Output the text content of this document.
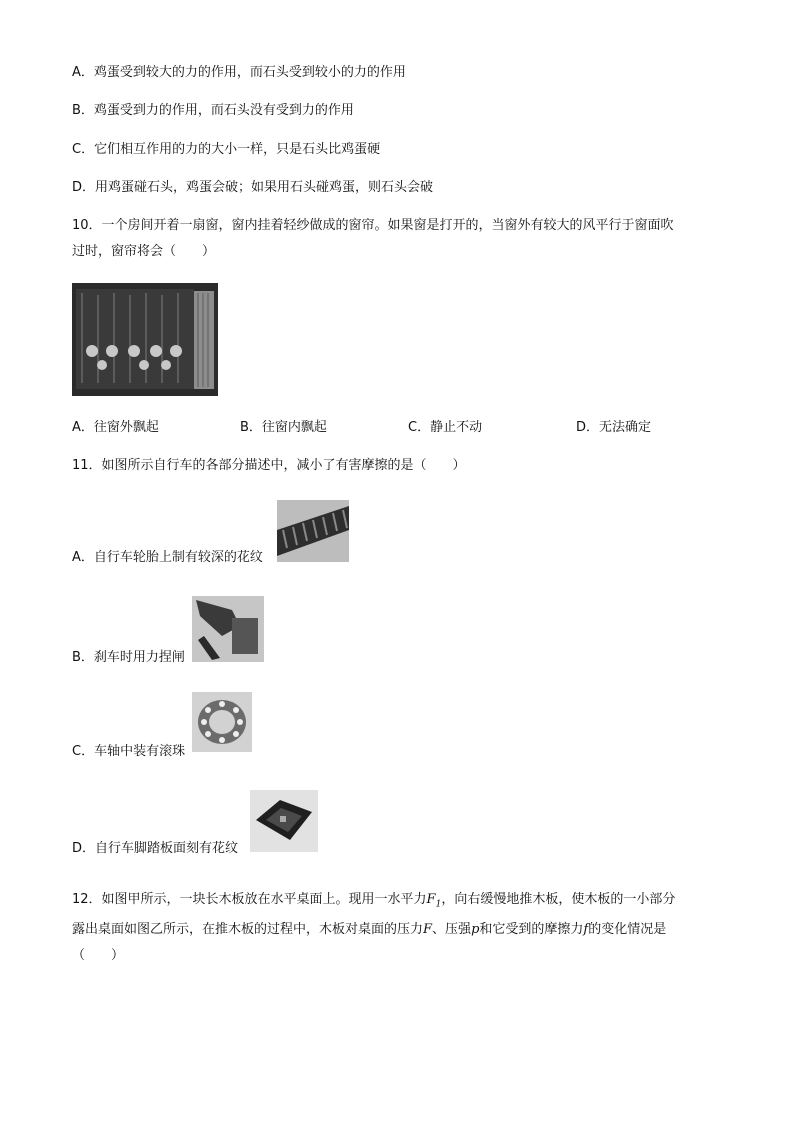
A．鸡蛋受到较大的力的作用，而石头受到较小的力的作用
B．鸡蛋受到力的作用，而石头没有受到力的作用
C．它们相互作用的力的大小一样，只是石头比鸡蛋硬
D．用鸡蛋碰石头，鸡蛋会破；如果用石头碰鸡蛋，则石头会破
10．一个房间开着一扇窗，窗内挂着轻纱做成的窗帘。如果窗是打开的，当窗外有较大的风平行于窗面吹
过时，窗帘将会（　　）
A．往窗外飘起	B．往窗内飘起	C．静止不动	D．无法确定
11．如图所示自行车的各部分描述中，减小了有害摩擦的是（　　）
A．自行车轮胎上制有较深的花纹
B．刹车时用力捏闸
C．车轴中装有滚珠
D．自行车脚踏板面刻有花纹
12．如图甲所示，一块长木板放在水平桌面上。现用一水平力$F_1$，向右缓慢地推木板，使木板的一小部分
露出桌面如图乙所示，在推木板的过程中，木板对桌面的压力F、压强p和它受到的摩擦力f的变化情况是
（　　）
